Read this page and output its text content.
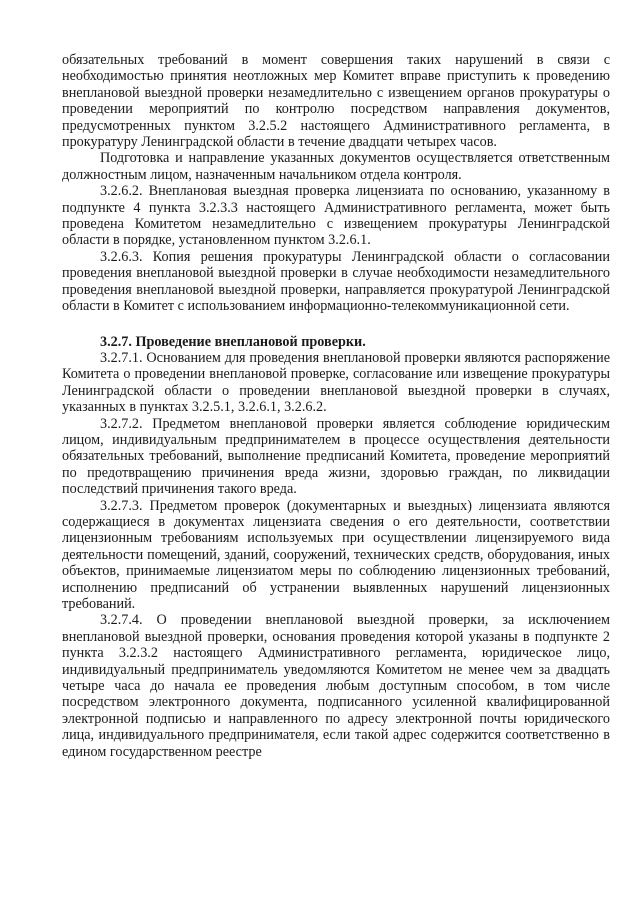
обязательных требований в момент совершения таких нарушений в связи с необходимостью принятия неотложных мер Комитет вправе приступить к проведению внеплановой выездной проверки незамедлительно с извещением органов прокуратуры о проведении мероприятий по контролю посредством направления документов, предусмотренных пунктом 3.2.5.2 настоящего Административного регламента, в прокуратуру Ленинградской области в течение двадцати четырех часов.

Подготовка и направление указанных документов осуществляется ответственным должностным лицом, назначенным начальником отдела контроля.

3.2.6.2. Внеплановая выездная проверка лицензиата по основанию, указанному в подпункте 4 пункта 3.2.3.3 настоящего Административного регламента, может быть проведена Комитетом незамедлительно с извещением прокуратуры Ленинградской области в порядке, установленном пунктом 3.2.6.1.

3.2.6.3. Копия решения прокуратуры Ленинградской области о согласовании проведения внеплановой выездной проверки в случае необходимости незамедлительного проведения внеплановой выездной проверки, направляется прокуратурой Ленинградской области в Комитет с использованием информационно-телекоммуникационной сети.

3.2.7. Проведение внеплановой проверки.

3.2.7.1. Основанием для проведения внеплановой проверки являются распоряжение Комитета о проведении внеплановой проверке, согласование или извещение прокуратуры Ленинградской области о проведении внеплановой выездной проверки в случаях, указанных в пунктах 3.2.5.1, 3.2.6.1, 3.2.6.2.

3.2.7.2. Предметом внеплановой проверки является соблюдение юридическим лицом, индивидуальным предпринимателем в процессе осуществления деятельности обязательных требований, выполнение предписаний Комитета, проведение мероприятий по предотвращению причинения вреда жизни, здоровью граждан, по ликвидации последствий причинения такого вреда.

3.2.7.3. Предметом проверок (документарных и выездных) лицензиата являются содержащиеся в документах лицензиата сведения о его деятельности, соответствии лицензионным требованиям используемых при осуществлении лицензируемого вида деятельности помещений, зданий, сооружений, технических средств, оборудования, иных объектов, принимаемые лицензиатом меры по соблюдению лицензионных требований, исполнению предписаний об устранении выявленных нарушений лицензионных требований.

3.2.7.4. О проведении внеплановой выездной проверки, за исключением внеплановой выездной проверки, основания проведения которой указаны в подпункте 2 пункта 3.2.3.2 настоящего Административного регламента, юридическое лицо, индивидуальный предприниматель уведомляются Комитетом не менее чем за двадцать четыре часа до начала ее проведения любым доступным способом, в том числе посредством электронного документа, подписанного усиленной квалифицированной электронной подписью и направленного по адресу электронной почты юридического лица, индивидуального предпринимателя, если такой адрес содержится соответственно в едином государственном реестре
